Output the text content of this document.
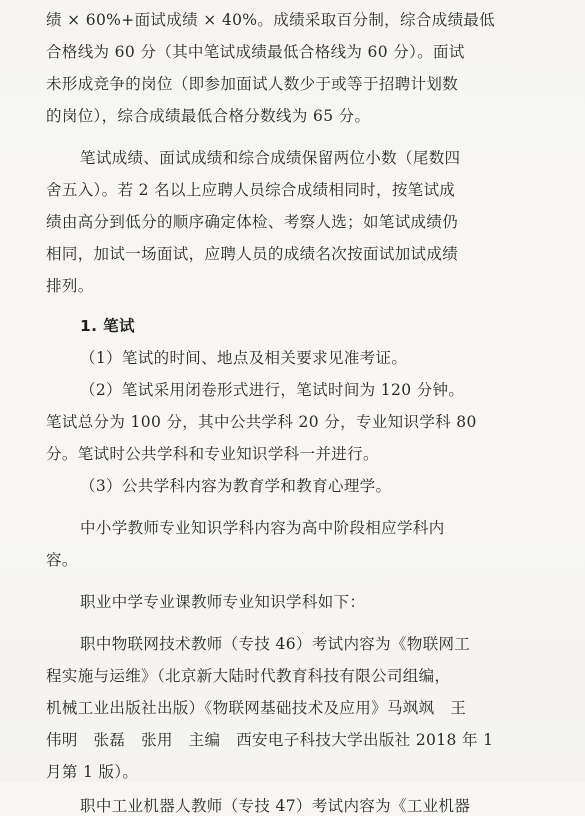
绩 × 60%+面试成绩 × 40%。成绩采取百分制，综合成绩最低
合格线为 60 分（其中笔试成绩最低合格线为 60 分）。面试
未形成竞争的岗位（即参加面试人数少于或等于招聘计划数
的岗位），综合成绩最低合格分数线为 65 分。
笔试成绩、面试成绩和综合成绩保留两位小数（尾数四
舍五入）。若 2 名以上应聘人员综合成绩相同时，按笔试成
绩由高分到低分的顺序确定体检、考察人选；如笔试成绩仍
相同，加试一场面试，应聘人员的成绩名次按面试加试成绩
排列。
1. 笔试
（1）笔试的时间、地点及相关要求见准考证。
（2）笔试采用闭卷形式进行，笔试时间为 120 分钟。
笔试总分为 100 分，其中公共学科 20 分，专业知识学科 80
分。笔试时公共学科和专业知识学科一并进行。
（3）公共学科内容为教育学和教育心理学。
中小学教师专业知识学科内容为高中阶段相应学科内
容。
职业中学专业课教师专业知识学科如下：
职中物联网技术教师（专技 46）考试内容为《物联网工
程实施与运维》（北京新大陆时代教育科技有限公司组编，
机械工业出版社出版）《物联网基础技术及应用》马飒飒　王
伟明　张磊　张用　主编　西安电子科技大学出版社 2018 年 1
月第 1 版）。
职中工业机器人教师（专技 47）考试内容为《工业机器
